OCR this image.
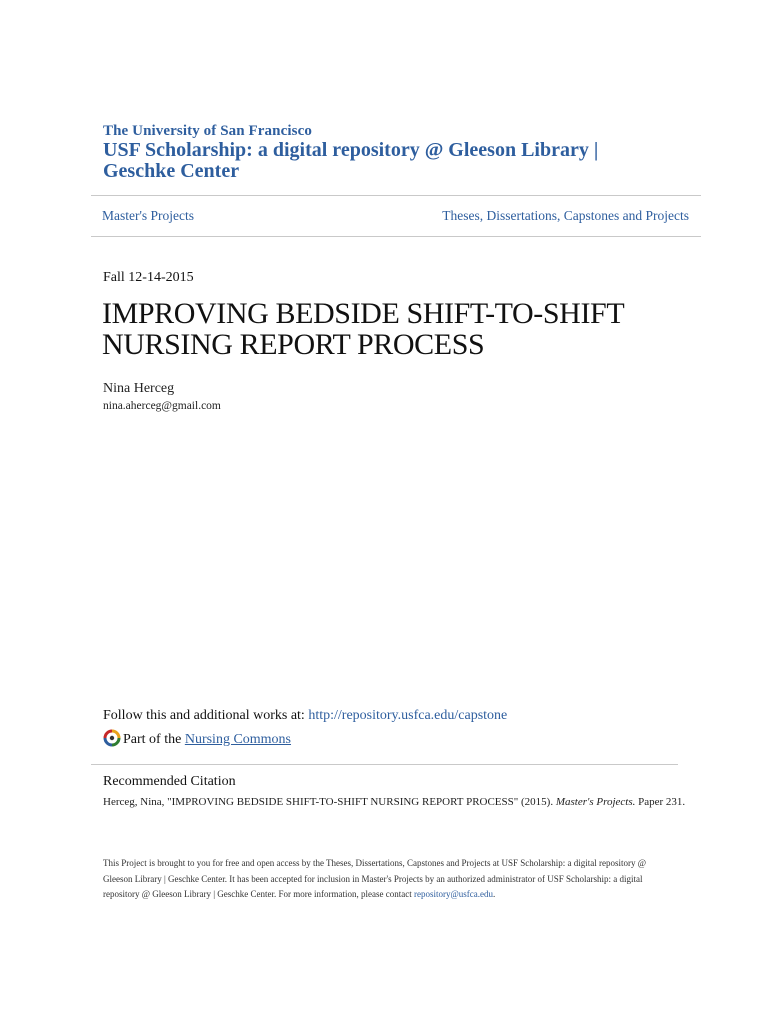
The University of San Francisco
USF Scholarship: a digital repository @ Gleeson Library | Geschke Center
Master's Projects	Theses, Dissertations, Capstones and Projects
Fall 12-14-2015
IMPROVING BEDSIDE SHIFT-TO-SHIFT NURSING REPORT PROCESS
Nina Herceg
nina.aherceg@gmail.com
Follow this and additional works at: http://repository.usfca.edu/capstone
Part of the
Nursing Commons
Recommended Citation
Herceg, Nina, "IMPROVING BEDSIDE SHIFT-TO-SHIFT NURSING REPORT PROCESS" (2015). Master's Projects. Paper 231.
This Project is brought to you for free and open access by the Theses, Dissertations, Capstones and Projects at USF Scholarship: a digital repository @ Gleeson Library | Geschke Center. It has been accepted for inclusion in Master's Projects by an authorized administrator of USF Scholarship: a digital repository @ Gleeson Library | Geschke Center. For more information, please contact repository@usfca.edu.
